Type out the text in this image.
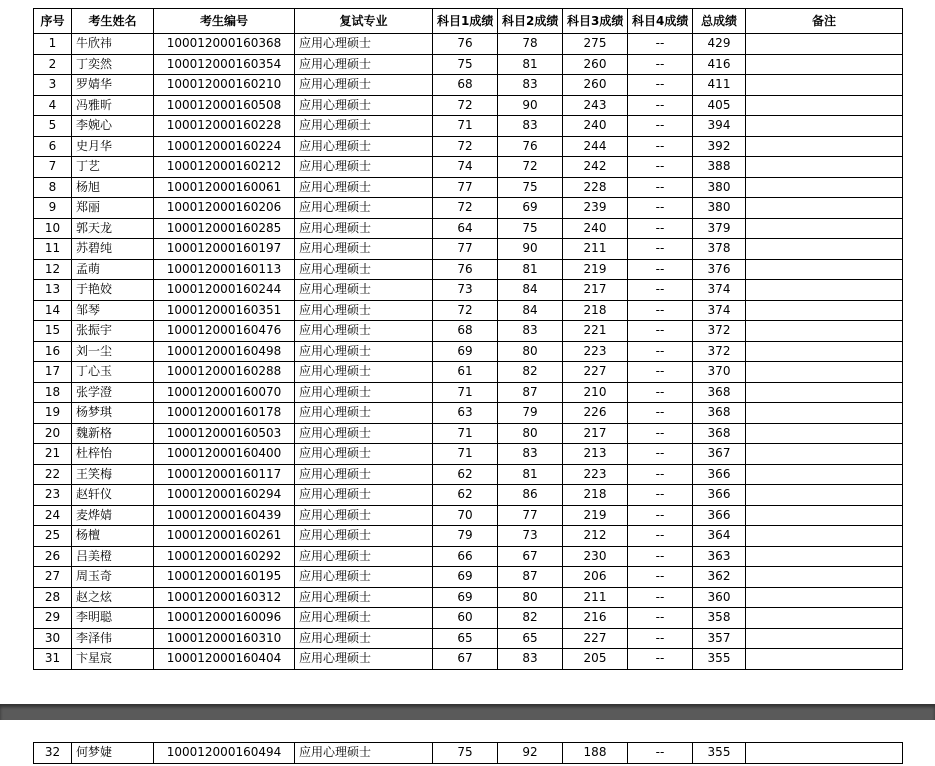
序号	考生姓名	考生编号	复试专业	科目1成绩	科目2成绩	科目3成绩	科目4成绩	总成绩	备注
1	牛欣祎	100012000160368	应用心理硕士	76	78	275	--	429	
2	丁奕然	100012000160354	应用心理硕士	75	81	260	--	416	
3	罗婧华	100012000160210	应用心理硕士	68	83	260	--	411	
4	冯雅昕	100012000160508	应用心理硕士	72	90	243	--	405	
5	李婉心	100012000160228	应用心理硕士	71	83	240	--	394	
6	史月华	100012000160224	应用心理硕士	72	76	244	--	392	
7	丁艺	100012000160212	应用心理硕士	74	72	242	--	388	
8	杨旭	100012000160061	应用心理硕士	77	75	228	--	380	
9	郑丽	100012000160206	应用心理硕士	72	69	239	--	380	
10	郭天龙	100012000160285	应用心理硕士	64	75	240	--	379	
11	苏碧纯	100012000160197	应用心理硕士	77	90	211	--	378	
12	孟萌	100012000160113	应用心理硕士	76	81	219	--	376	
13	于艳姣	100012000160244	应用心理硕士	73	84	217	--	374	
14	邹琴	100012000160351	应用心理硕士	72	84	218	--	374	
15	张振宇	100012000160476	应用心理硕士	68	83	221	--	372	
16	刘一尘	100012000160498	应用心理硕士	69	80	223	--	372	
17	丁心玉	100012000160288	应用心理硕士	61	82	227	--	370	
18	张学澄	100012000160070	应用心理硕士	71	87	210	--	368	
19	杨梦琪	100012000160178	应用心理硕士	63	79	226	--	368	
20	魏新格	100012000160503	应用心理硕士	71	80	217	--	368	
21	杜梓怡	100012000160400	应用心理硕士	71	83	213	--	367	
22	王笑梅	100012000160117	应用心理硕士	62	81	223	--	366	
23	赵轩仪	100012000160294	应用心理硕士	62	86	218	--	366	
24	麦烨婧	100012000160439	应用心理硕士	70	77	219	--	366	
25	杨檀	100012000160261	应用心理硕士	79	73	212	--	364	
26	吕美橙	100012000160292	应用心理硕士	66	67	230	--	363	
27	周玉奇	100012000160195	应用心理硕士	69	87	206	--	362	
28	赵之炫	100012000160312	应用心理硕士	69	80	211	--	360	
29	李明聪	100012000160096	应用心理硕士	60	82	216	--	358	
30	李泽伟	100012000160310	应用心理硕士	65	65	227	--	357	
31	卞星宸	100012000160404	应用心理硕士	67	83	205	--	355	
32	何梦婕	100012000160494	应用心理硕士	75	92	188	--	355	
